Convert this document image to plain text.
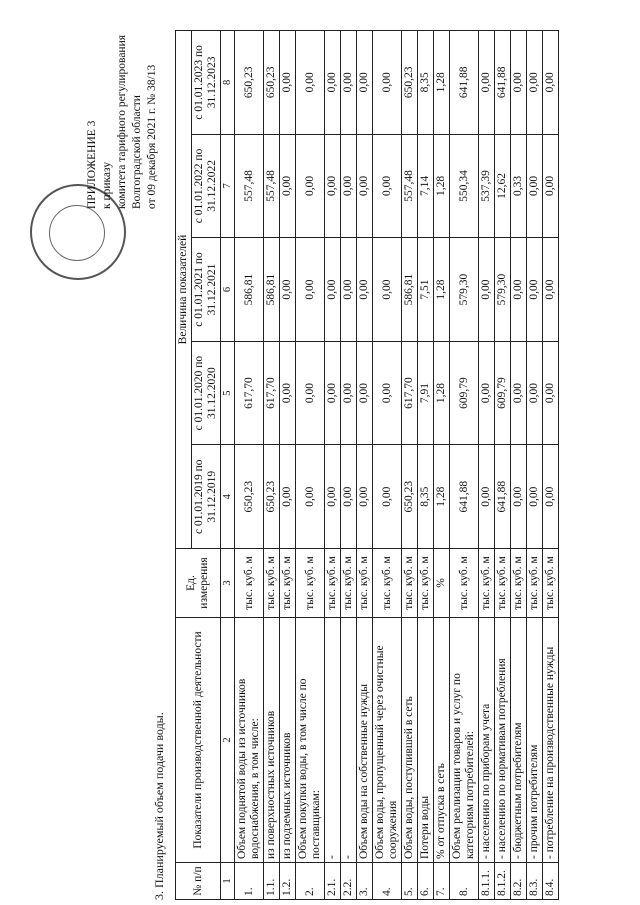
ПРИЛОЖЕНИЕ 3 к приказу комитета тарифного регулирования Волгоградской области от 09 декабря 2021 г. № 38/13
3. Планируемый объем подачи воды. № п/п	Показатели производственной деятельности	Ед. измерения	Величина показателей				
			с 01.01.2019 по 31.12.2019	с 01.01.2020 по 31.12.2020	с 01.01.2021 по 31.12.2021	с 01.01.2022 по 31.12.2022	с 01.01.2023 по 31.12.2023
1	2	3	4	5	6	7	8
1.	Объем поднятой воды из источников водоснабжения, в том числе:	тыс. куб. м	650,23	617,70	586,81	557,48	650,23
1.1.	из поверхностных источников	тыс. куб. м	650,23	617,70	586,81	557,48	650,23
1.2.	из подземных источников	тыс. куб. м	0,00	0,00	0,00	0,00	0,00
2.	Объем покупки воды, в том числе по поставщикам:	тыс. куб. м	0,00	0,00	0,00	0,00	0,00
2.1.	-	тыс. куб. м	0,00	0,00	0,00	0,00	0,00
2.2.	-	тыс. куб. м	0,00	0,00	0,00	0,00	0,00
3.	Объем воды на собственные нужды	тыс. куб. м	0,00	0,00	0,00	0,00	0,00
4.	Объем воды, пропущенный через очистные сооружения	тыс. куб. м	0,00	0,00	0,00	0,00	0,00
5.	Объем воды, поступившей в сеть	тыс. куб. м	650,23	617,70	586,81	557,48	650,23
6.	Потери воды	тыс. куб. м	8,35	7,91	7,51	7,14	8,35
7.	% от отпуска в сеть	%	1,28	1,28	1,28	1,28	1,28
8.	Объем реализации товаров и услуг по категориям потребителей:	тыс. куб. м	641,88	609,79	579,30	550,34	641,88
8.1.1.	- населению по приборам учета	тыс. куб. м	0,00	0,00	0,00	537,39	0,00
8.1.2.	- населению по нормативам потребления	тыс. куб. м	641,88	609,79	579,30	12,62	641,88
8.2.	- бюджетным потребителям	тыс. куб. м	0,00	0,00	0,00	0,33	0,00
8.3.	- прочим потребителям	тыс. куб. м	0,00	0,00	0,00	0,00	0,00
8.4.	- потребление на производственные нужды	тыс. куб. м	0,00	0,00	0,00	0,00	0,00
